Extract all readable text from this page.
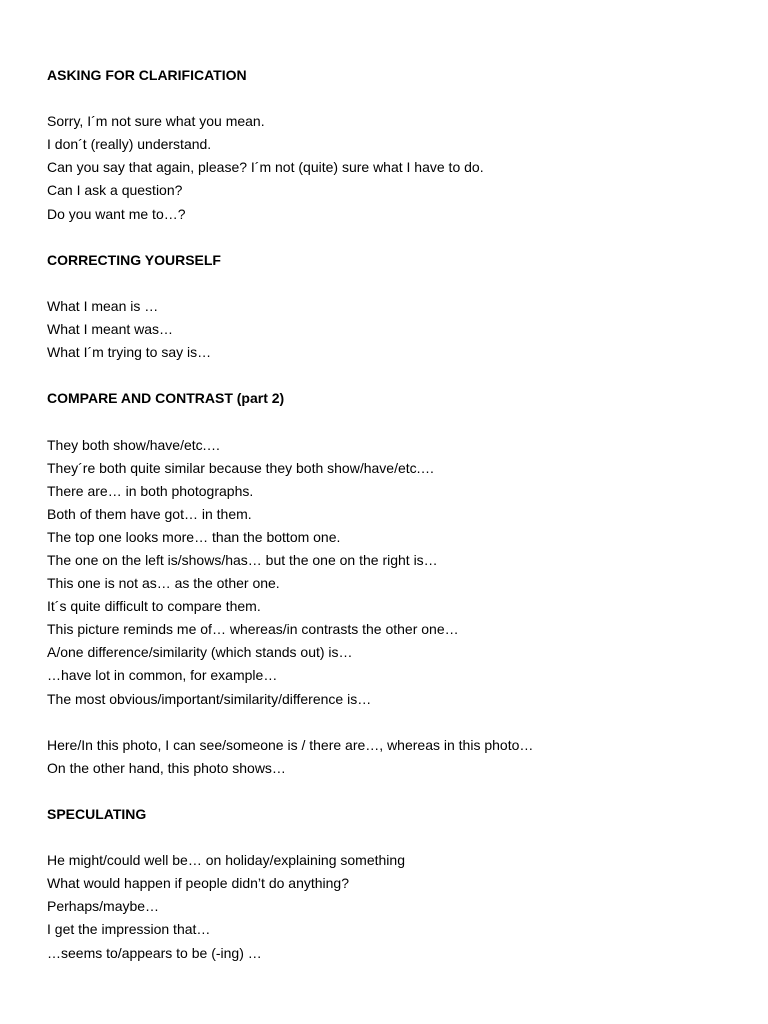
ASKING FOR CLARIFICATION
Sorry, I´m not sure what you mean.
I don´t (really) understand.
Can you say that again, please? I´m not (quite) sure what I have to do.
Can I ask a question?
Do you want me to…?
CORRECTING YOURSELF
What I mean is …
What I meant was…
What I´m trying to say is…
COMPARE AND CONTRAST (part 2)
They both show/have/etc.…
They´re both quite similar because they both show/have/etc.…
There are… in both photographs.
Both of them have got… in them.
The top one looks more… than the bottom one.
The one on the left is/shows/has… but the one on the right is…
This one is not as… as the other one.
It´s quite difficult to compare them.
This picture reminds me of… whereas/in contrasts the other one…
A/one difference/similarity (which stands out) is…
…have lot in common, for example…
The most obvious/important/similarity/difference is…
Here/In this photo, I can see/someone is / there are…, whereas in this photo…
On the other hand, this photo shows…
SPECULATING
He might/could well be… on holiday/explaining something
What would happen if people didn’t do anything?
Perhaps/maybe…
I get the impression that…
…seems to/appears to be (-ing) …
